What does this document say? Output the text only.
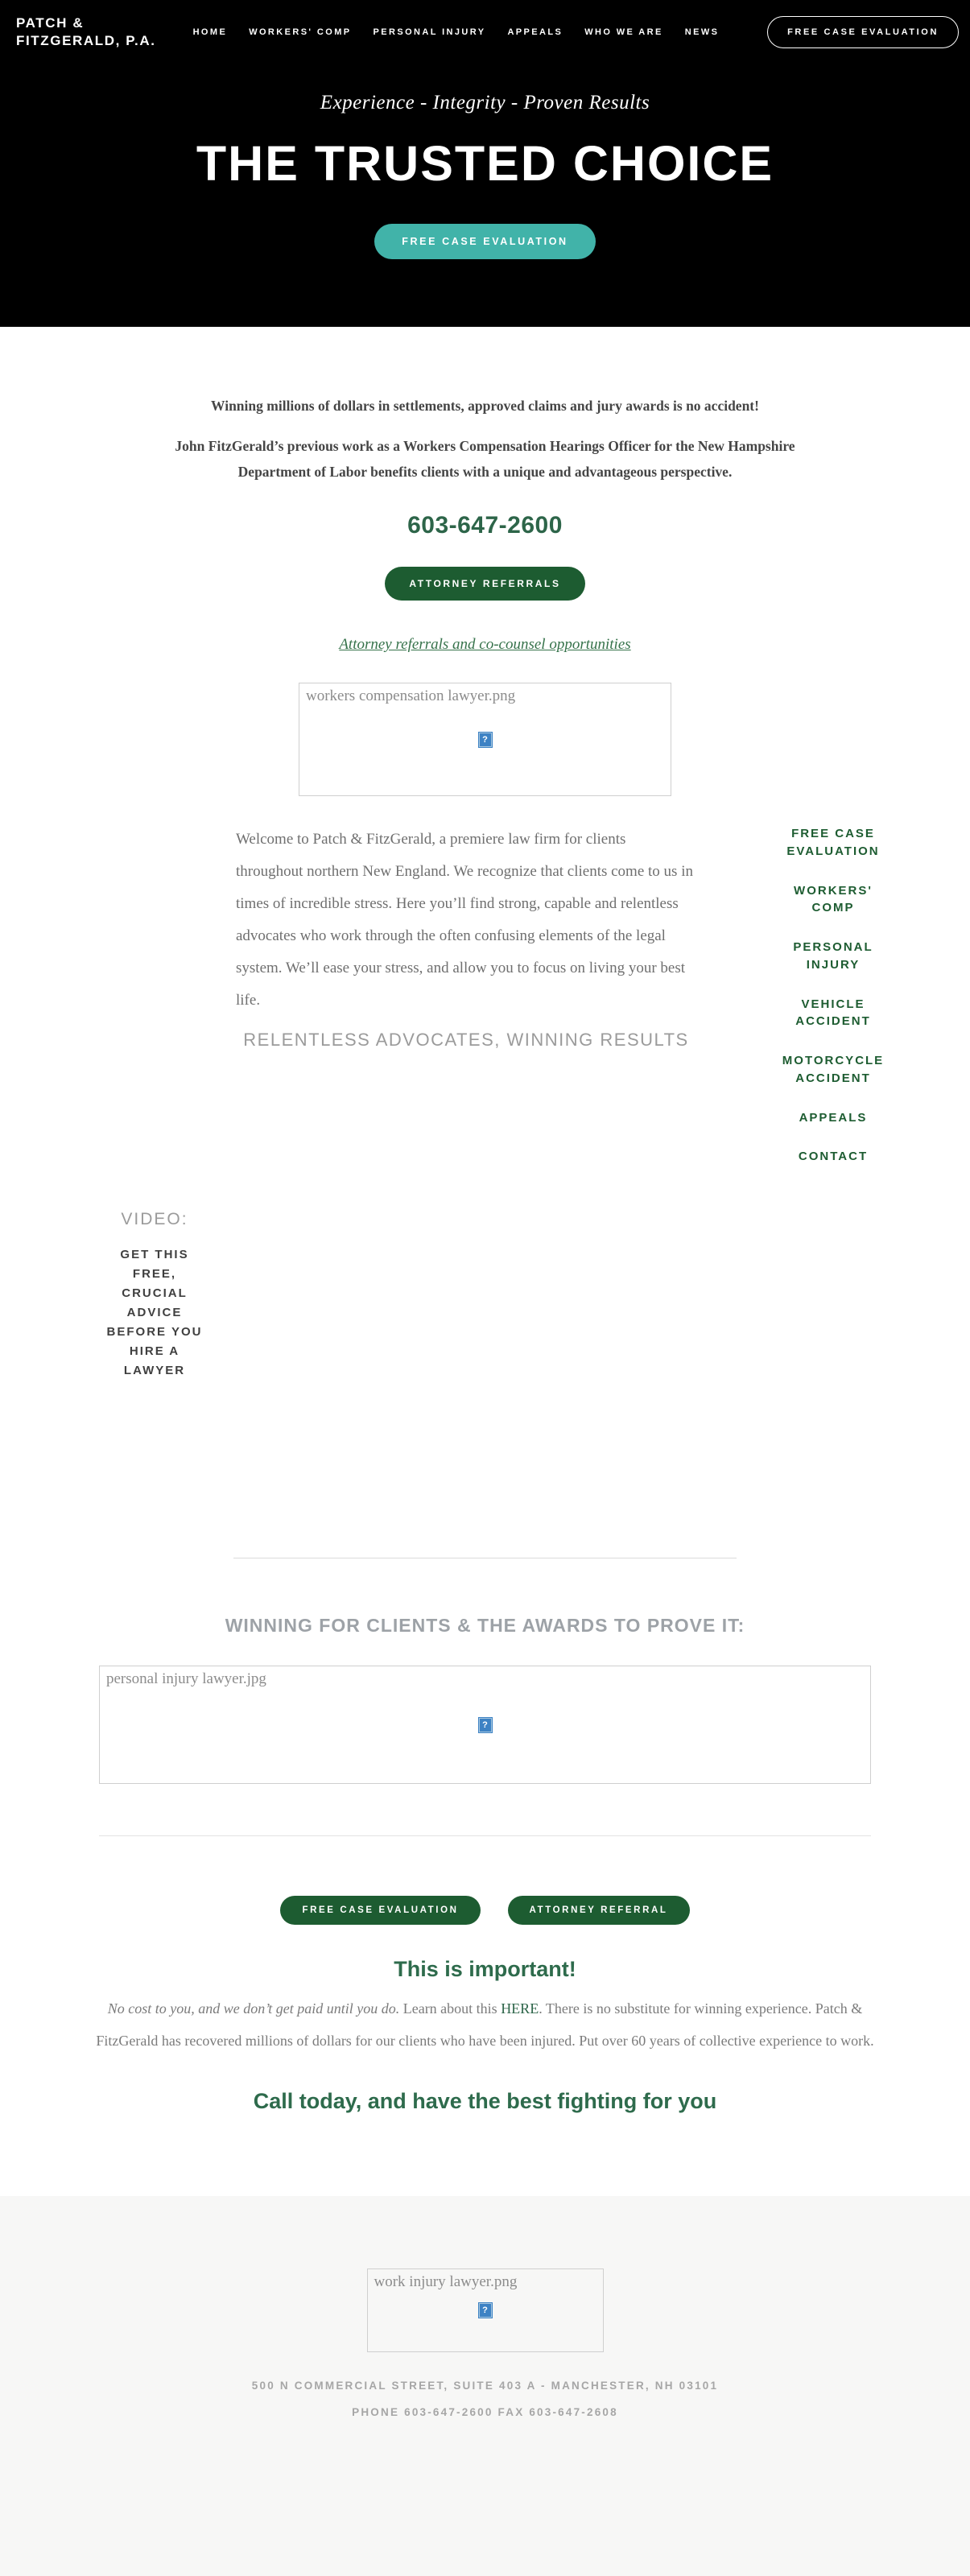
PATCH &
FITZGERALD, P.A.
HOME WORKERS' COMP PERSONAL INJURY APPEALS WHO WE ARE NEWS	FREE CASE EVALUATION
Experience - Integrity - Proven Results
THE TRUSTED CHOICE
FREE CASE EVALUATION

Winning millions of dollars in settlements, approved claims and jury awards is no accident!

John FitzGerald’s previous work as a Workers Compensation Hearings Officer for the New Hampshire Department of Labor benefits clients with a unique and advantageous perspective.

603-647-2600
ATTORNEY REFERRALS
Attorney referrals and co-counsel opportunities
workers compensation lawyer.png
?

Welcome to Patch & FitzGerald, a premiere law firm for clients throughout northern New England. We recognize that clients come to us in times of incredible stress. Here you’ll find strong, capable and relentless advocates who work through the often confusing elements of the legal system. We’ll ease your stress, and allow you to focus on living your best life.

RELENTLESS ADVOCATES, WINNING RESULTS
FREE CASE EVALUATION
WORKERS' COMP
PERSONAL INJURY
VEHICLE ACCIDENT
MOTORCYCLE ACCIDENT
APPEALS
CONTACT
VIDEO:
GET THIS FREE, CRUCIAL ADVICE BEFORE YOU HIRE A LAWYER
WINNING FOR CLIENTS & THE AWARDS TO PROVE IT:
personal injury lawyer.jpg
?
FREE CASE EVALUATION	ATTORNEY REFERRAL
This is important!

No cost to you, and we don’t get paid until you do. Learn about this HERE. There is no substitute for winning experience. Patch & FitzGerald has recovered millions of dollars for our clients who have been injured. Put over 60 years of collective experience to work.

Call today, and have the best fighting for you
work injury lawyer.png
?
500 N COMMERCIAL STREET, SUITE 403 A - MANCHESTER, NH 03101
PHONE 603-647-2600 FAX 603-647-2608
